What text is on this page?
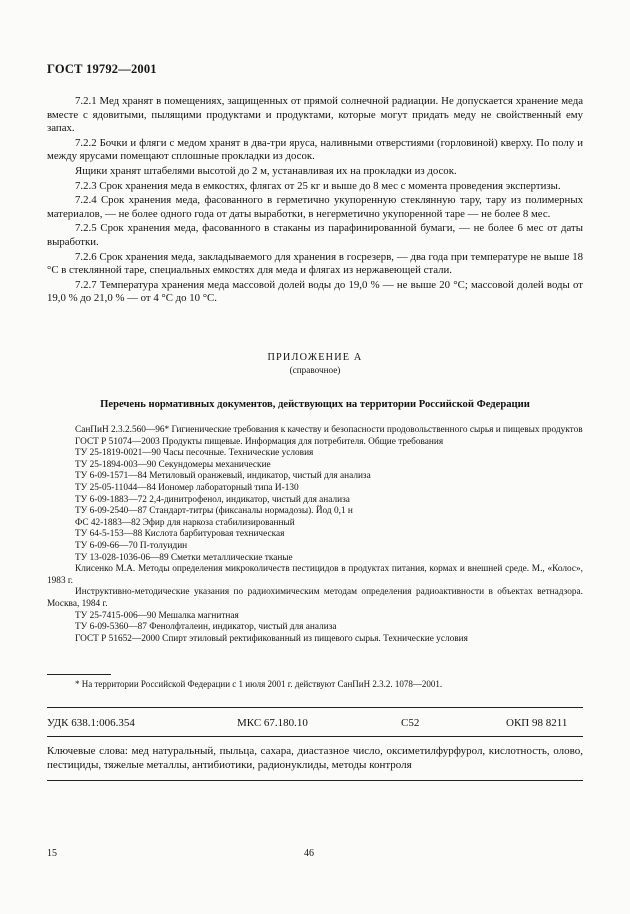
ГОСТ 19792—2001

7.2.1 Мед хранят в помещениях, защищенных от прямой солнечной радиации. Не допускается хранение меда вместе с ядовитыми, пылящими продуктами и продуктами, которые могут придать меду не свойственный ему запах.

7.2.2 Бочки и фляги с медом хранят в два-три яруса, наливными отверстиями (горловиной) кверху. По полу и между ярусами помещают сплошные прокладки из досок.

Ящики хранят штабелями высотой до 2 м, устанавливая их на прокладки из досок.

7.2.3 Срок хранения меда в емкостях, флягах от 25 кг и выше до 8 мес с момента проведения экспертизы.

7.2.4 Срок хранения меда, фасованного в герметично укупоренную стеклянную тару, тару из полимерных материалов, — не более одного года от даты выработки, в негерметично укупоренной таре — не более 8 мес.

7.2.5 Срок хранения меда, фасованного в стаканы из парафинированной бумаги, — не более 6 мес от даты выработки.

7.2.6 Срок хранения меда, закладываемого для хранения в госрезерв, — два года при температуре не выше 18 °С в стеклянной таре, специальных емкостях для меда и флягах из нержавеющей стали.

7.2.7 Температура хранения меда массовой долей воды до 19,0 % — не выше 20 °С; массовой долей воды от 19,0 % до 21,0 % — от 4 °С до 10 °С.

ПРИЛОЖЕНИЕ А
(справочное)
Перечень нормативных документов, действующих на территории Российской Федерации
СанПиН 2.3.2.560—96* Гигиенические требования к качеству и безопасности продовольственного сырья и пищевых продуктов
ГОСТ Р 51074—2003 Продукты пищевые. Информация для потребителя. Общие требования
ТУ 25-1819-0021—90 Часы песочные. Технические условия
ТУ 25-1894-003—90 Секундомеры механические
ТУ 6-09-1571—84 Метиловый оранжевый, индикатор, чистый для анализа
ТУ 25-05-11044—84 Иономер лабораторный типа И-130
ТУ 6-09-1883—72 2,4-динитрофенол, индикатор, чистый для анализа
ТУ 6-09-2540—87 Стандарт-титры (фиксаналы нормадозы). Йод 0,1 н
ФС 42-1883—82 Эфир для наркоза стабилизированный
ТУ 64-5-153—88 Кислота барбитуровая техническая
ТУ 6-09-66—70 П-толуидин
ТУ 13-028-1036-06—89 Сметки металлические тканые
Клисенко М.А. Методы определения микроколичеств пестицидов в продуктах питания, кормах и внешней среде. М., «Колос», 1983 г.
Инструктивно-методические указания по радиохимическим методам определения радиоактивности в объектах ветнадзора. Москва, 1984 г.
ТУ 25-7415-006—90 Мешалка магнитная
ТУ 6-09-5360—87 Фенолфталеин, индикатор, чистый для анализа
ГОСТ Р 51652—2000 Спирт этиловый ректификованный из пищевого сырья. Технические условия
* На территории Российской Федерации с 1 июля 2001 г. действуют СанПиН 2.3.2. 1078—2001.
УДК 638.1:006.354	МКС 67.180.10	С52	ОКП 98 8211
Ключевые слова: мед натуральный, пыльца, сахара, диастазное число, оксиметилфурфурол, кислотность, олово, пестициды, тяжелые металлы, антибиотики, радионуклиды, методы контроля
15	46
